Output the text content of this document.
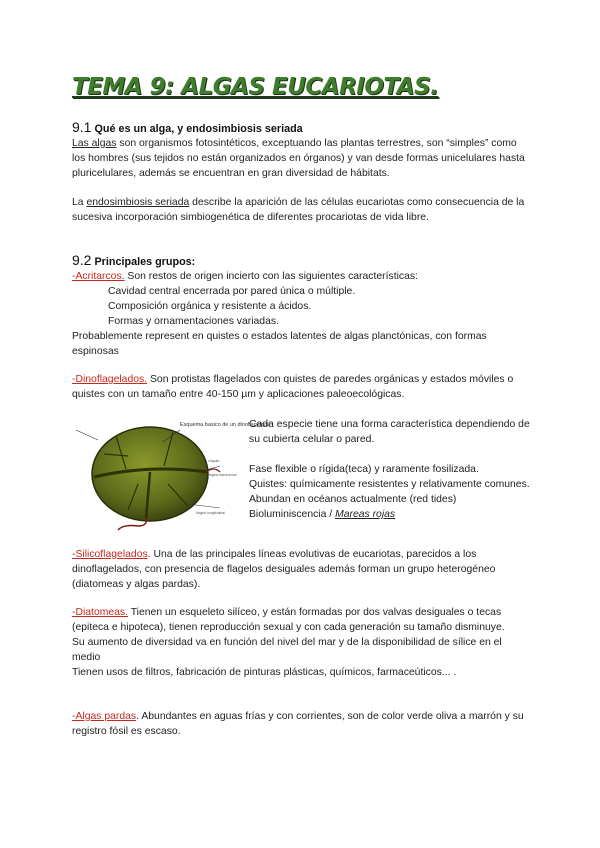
TEMA 9: ALGAS EUCARIOTAS.

9.1 Qué es un alga, y endosimbiosis seriada

Las algas son organismos fotosintéticos, exceptuando las plantas terrestres, son “simples” como los hombres (sus tejidos no están organizados en órganos) y van desde formas unicelulares hasta pluricelulares, además se encuentran en gran diversidad de hábitats.

La endosimbiosis seriada describe la aparición de las células eucariotas como consecuencia de la sucesiva incorporación simbiogenética de diferentes procariotas de vida libre.

9.2 Principales grupos:

-Acritarcos. Son restos de origen incierto con las siguientes características:
Cavidad central encerrada por pared única o múltiple.
Composición orgánica y resistente a ácidos.
Formas y ornamentaciones variadas.
Probablemente represent en quistes o estados latentes de algas planctónicas, con formas espinosas

-Dinoflagelados. Son protistas flagelados con quistes de paredes orgánicas y estados móviles o quistes con un tamaño entre 40-150 µm y aplicaciones paleoecológicas.

Esquema basico de un dinoflagelado
cíngulo
flagelo transversal
flagelo longitudinal
Cada especie tiene una forma característica dependiendo de su cubierta celular o pared.
Fase flexible o rígida(teca) y raramente fosilizada.
Quistes: químicamente resistentes y relativamente comunes.
Abundan en océanos actualmente (red tides)
Bioluminiscencia / Mareas rojas

-Silicoflagelados. Una de las principales líneas evolutivas de eucariotas, parecidos a los dinoflagelados, con presencia de flagelos desiguales además forman un grupo heterogéneo (diatomeas y algas pardas).

-Diatomeas. Tienen un esqueleto silíceo, y están formadas por dos valvas desiguales o tecas (epiteca e hipoteca), tienen reproducción sexual y con cada generación su tamaño disminuye.
Su aumento de diversidad va en función del nivel del mar y de la disponibilidad de sílice en el medio
Tienen usos de filtros, fabricación de pinturas plásticas, químicos, farmaceúticos... .

-Algas pardas. Abundantes en aguas frías y con corrientes, son de color verde oliva a marrón y su registro fósil es escaso.
